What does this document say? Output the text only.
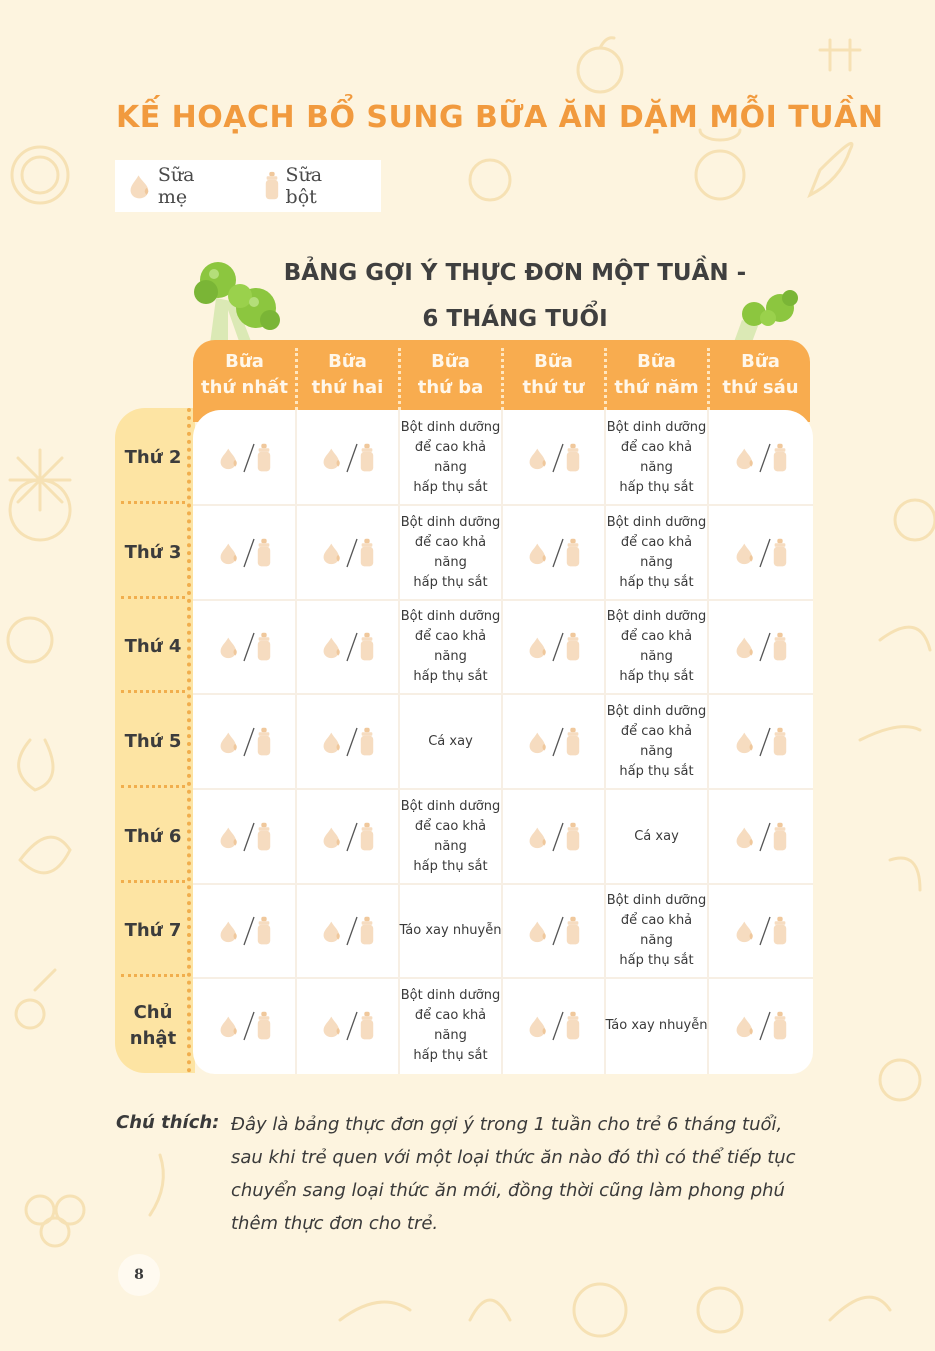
KẾ HOẠCH BỔ SUNG BỮA ĂN DẶM MỖI TUẦN
Sữa mẹ
Sữa bột
BẢNG GỢI Ý THỰC ĐƠN MỘT TUẦN -
6 THÁNG TUỔI
Bữa
thứ nhất
Bữa
thứ hai
Bữa
thứ ba
Bữa
thứ tư
Bữa
thứ năm
Bữa
thứ sáu
Thứ 2
Bột dinh dưỡng
để cao khả năng
hấp thụ sắt
Bột dinh dưỡng
để cao khả năng
hấp thụ sắt
Thứ 3
Bột dinh dưỡng
để cao khả năng
hấp thụ sắt
Bột dinh dưỡng
để cao khả năng
hấp thụ sắt
Thứ 4
Bột dinh dưỡng
để cao khả năng
hấp thụ sắt
Bột dinh dưỡng
để cao khả năng
hấp thụ sắt
Thứ 5	Cá xay
Bột dinh dưỡng
để cao khả năng
hấp thụ sắt
Thứ 6
Bột dinh dưỡng
để cao khả năng
hấp thụ sắt
Cá xay
Thứ 7	Táo xay nhuyễn
Bột dinh dưỡng
để cao khả năng
hấp thụ sắt
Chủ
nhật
Bột dinh dưỡng
để cao khả năng
hấp thụ sắt
Táo xay nhuyễn

Chú thích: Đây là bảng thực đơn gợi ý trong 1 tuần cho trẻ 6 tháng tuổi, sau khi trẻ quen với một loại thức ăn nào đó thì có thể tiếp tục chuyển sang loại thức ăn mới, đồng thời cũng làm phong phú thêm thực đơn cho trẻ.

8
